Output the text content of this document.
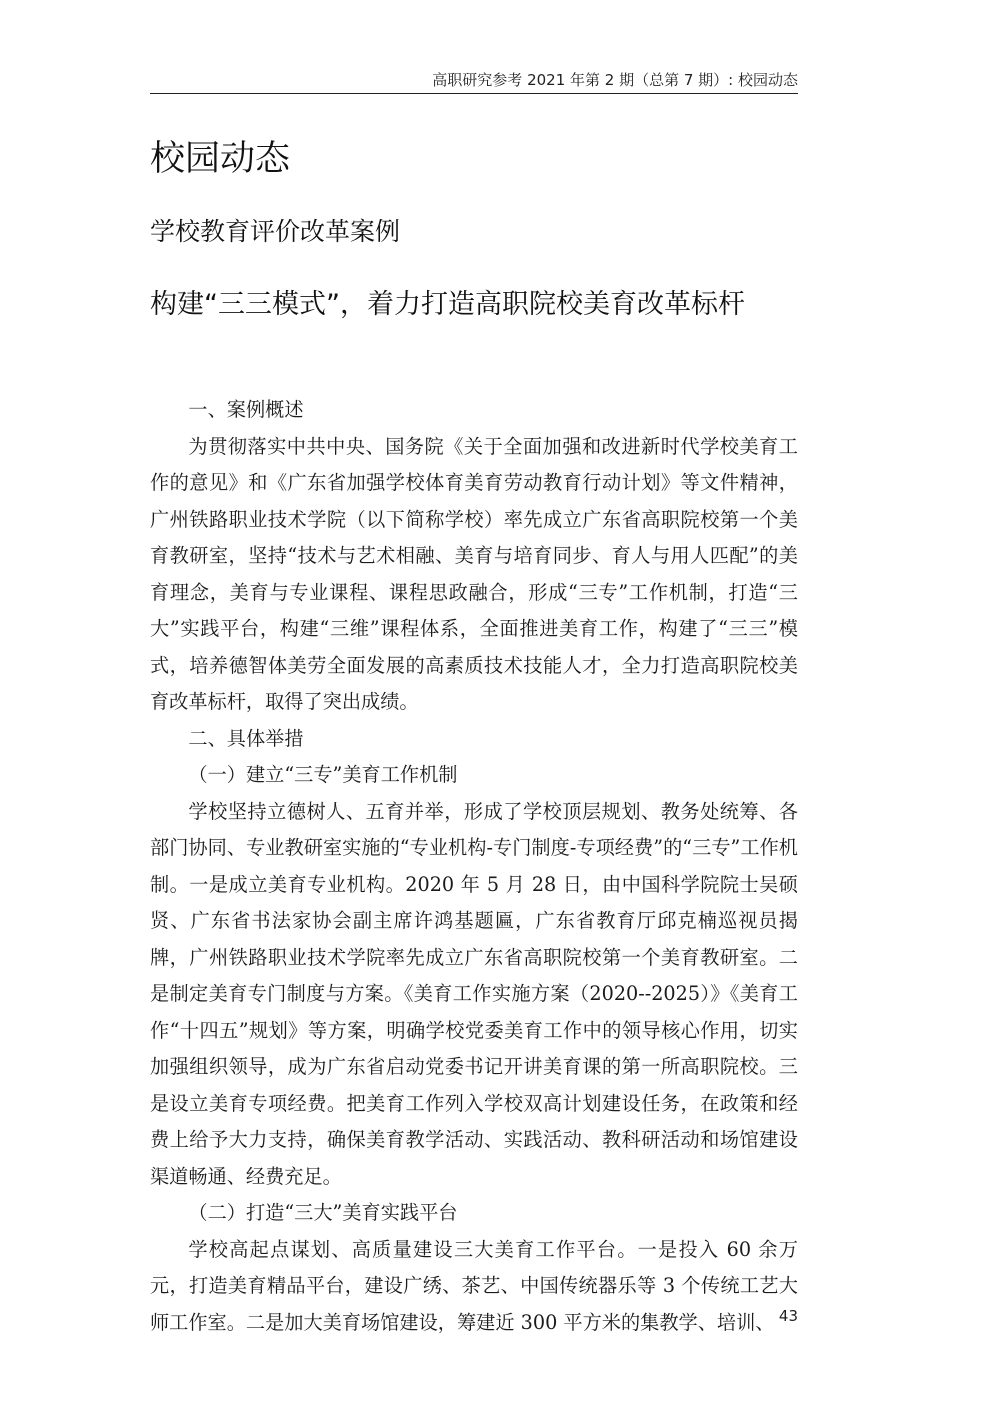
高职研究参考 2021 年第 2 期（总第 7 期）: 校园动态
校园动态
学校教育评价改革案例
构建“三三模式”，着力打造高职院校美育改革标杆

一、案例概述

为贯彻落实中共中央、国务院《关于全面加强和改进新时代学校美育工作的意见》和《广东省加强学校体育美育劳动教育行动计划》等文件精神，广州铁路职业技术学院（以下简称学校）率先成立广东省高职院校第一个美育教研室，坚持“技术与艺术相融、美育与培育同步、育人与用人匹配”的美育理念，美育与专业课程、课程思政融合，形成“三专”工作机制，打造“三大”实践平台，构建“三维”课程体系，全面推进美育工作，构建了“三三”模式，培养德智体美劳全面发展的高素质技术技能人才，全力打造高职院校美育改革标杆，取得了突出成绩。

二、具体举措

（一）建立“三专”美育工作机制

学校坚持立德树人、五育并举，形成了学校顶层规划、教务处统筹、各部门协同、专业教研室实施的“专业机构-专门制度-专项经费”的“三专”工作机制。一是成立美育专业机构。2020 年 5 月 28 日，由中国科学院院士吴硕贤、广东省书法家协会副主席许鸿基题匾，广东省教育厅邱克楠巡视员揭牌，广州铁路职业技术学院率先成立广东省高职院校第一个美育教研室。二是制定美育专门制度与方案。《美育工作实施方案（2020--2025）》《美育工作“十四五”规划》等方案，明确学校党委美育工作中的领导核心作用，切实加强组织领导，成为广东省启动党委书记开讲美育课的第一所高职院校。三是设立美育专项经费。把美育工作列入学校双高计划建设任务，在政策和经费上给予大力支持，确保美育教学活动、实践活动、教科研活动和场馆建设渠道畅通、经费充足。

（二）打造“三大”美育实践平台

学校高起点谋划、高质量建设三大美育工作平台。一是投入 60 余万元，打造美育精品平台，建设广绣、茶艺、中国传统器乐等 3 个传统工艺大师工作室。二是加大美育场馆建设，筹建近 300 平方米的集教学、培训、 43
